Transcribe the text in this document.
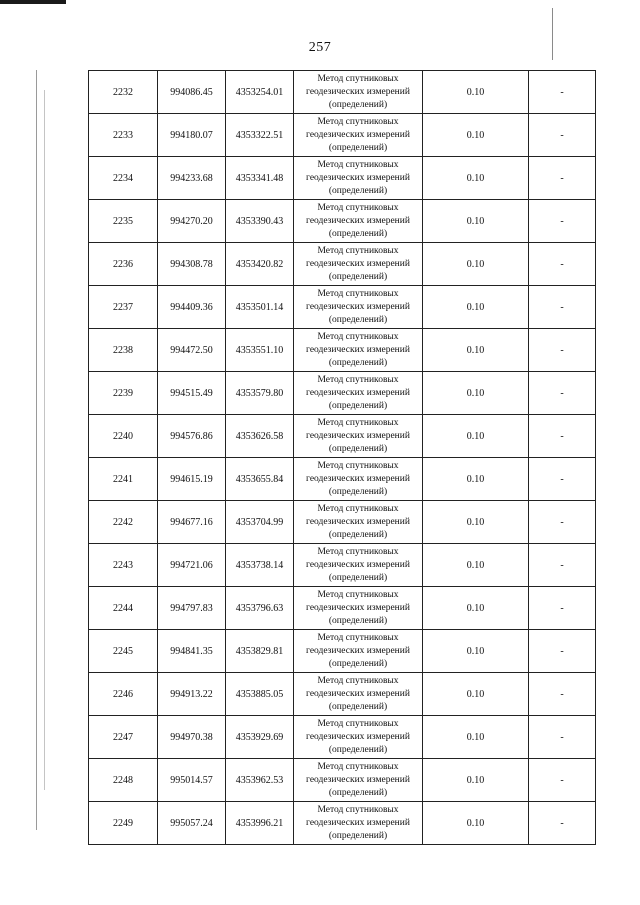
257
2232	994086.45	4353254.01	Метод спутниковых
геодезических измерений
(определений)	0.10	-
2233	994180.07	4353322.51	Метод спутниковых
геодезических измерений
(определений)	0.10	-
2234	994233.68	4353341.48	Метод спутниковых
геодезических измерений
(определений)	0.10	-
2235	994270.20	4353390.43	Метод спутниковых
геодезических измерений
(определений)	0.10	-
2236	994308.78	4353420.82	Метод спутниковых
геодезических измерений
(определений)	0.10	-
2237	994409.36	4353501.14	Метод спутниковых
геодезических измерений
(определений)	0.10	-
2238	994472.50	4353551.10	Метод спутниковых
геодезических измерений
(определений)	0.10	-
2239	994515.49	4353579.80	Метод спутниковых
геодезических измерений
(определений)	0.10	-
2240	994576.86	4353626.58	Метод спутниковых
геодезических измерений
(определений)	0.10	-
2241	994615.19	4353655.84	Метод спутниковых
геодезических измерений
(определений)	0.10	-
2242	994677.16	4353704.99	Метод спутниковых
геодезических измерений
(определений)	0.10	-
2243	994721.06	4353738.14	Метод спутниковых
геодезических измерений
(определений)	0.10	-
2244	994797.83	4353796.63	Метод спутниковых
геодезических измерений
(определений)	0.10	-
2245	994841.35	4353829.81	Метод спутниковых
геодезических измерений
(определений)	0.10	-
2246	994913.22	4353885.05	Метод спутниковых
геодезических измерений
(определений)	0.10	-
2247	994970.38	4353929.69	Метод спутниковых
геодезических измерений
(определений)	0.10	-
2248	995014.57	4353962.53	Метод спутниковых
геодезических измерений
(определений)	0.10	-
2249	995057.24	4353996.21	Метод спутниковых
геодезических измерений
(определений)	0.10	-
